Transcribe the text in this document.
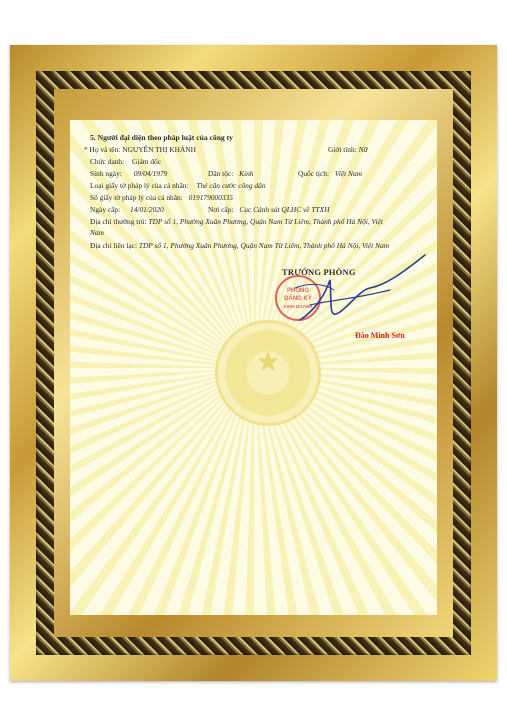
★
5. Người đại diện theo pháp luật của công ty
* Họ và tên: NGUYỄN THỊ KHÁNH	Giới tính: Nữ
Chức danh: Giám đốc
Sinh ngày: 09/04/1979	Dân tộc: Kinh	Quốc tịch: Việt Nam
Loại giấy tờ pháp lý của cá nhân: Thẻ căn cước công dân
Số giấy tờ pháp lý của cá nhân: 019179000335
Ngày cấp: 14/01/2020	Nơi cấp: Cục Cảnh sát QLHC về TTXH
Địa chỉ thường trú: TDP số 1, Phường Xuân Phương, Quận Nam Từ Liêm, Thành phố Hà Nội, Việt Nam
Địa chỉ liên lạc: TDP số 1, Phường Xuân Phương, Quận Nam Từ Liêm, Thành phố Hà Nội, Việt Nam
TRƯỞNG PHÒNG
PHÒNG
ĐĂNG KÝ
KINH DOANH
Đào Minh Sơn
